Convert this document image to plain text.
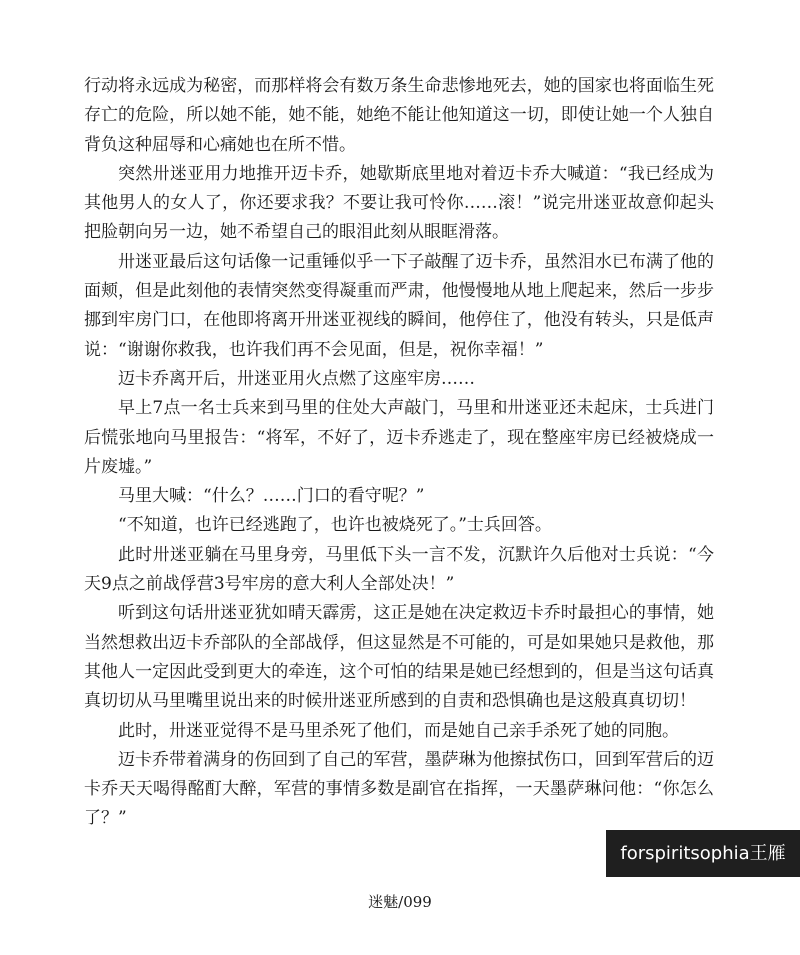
行动将永远成为秘密，而那样将会有数万条生命悲惨地死去，她的国家也将面临生死存亡的危险，所以她不能，她不能，她绝不能让他知道这一切，即使让她一个人独自背负这种屈辱和心痛她也在所不惜。

突然卅迷亚用力地推开迈卡乔，她歇斯底里地对着迈卡乔大喊道：“我已经成为其他男人的女人了，你还要求我？不要让我可怜你……滚！”说完卅迷亚故意仰起头把脸朝向另一边，她不希望自己的眼泪此刻从眼眶滑落。

卅迷亚最后这句话像一记重锤似乎一下子敲醒了迈卡乔，虽然泪水已布满了他的面颊，但是此刻他的表情突然变得凝重而严肃，他慢慢地从地上爬起来，然后一步步挪到牢房门口，在他即将离开卅迷亚视线的瞬间，他停住了，他没有转头，只是低声说：“谢谢你救我，也许我们再不会见面，但是，祝你幸福！”

迈卡乔离开后，卅迷亚用火点燃了这座牢房……

早上7点一名士兵来到马里的住处大声敲门，马里和卅迷亚还未起床，士兵进门后慌张地向马里报告：“将军，不好了，迈卡乔逃走了，现在整座牢房已经被烧成一片废墟。”

马里大喊：“什么？……门口的看守呢？”

“不知道，也许已经逃跑了，也许也被烧死了。”士兵回答。

此时卅迷亚躺在马里身旁，马里低下头一言不发，沉默许久后他对士兵说：“今天9点之前战俘营3号牢房的意大利人全部处决！”

听到这句话卅迷亚犹如晴天霹雳，这正是她在决定救迈卡乔时最担心的事情，她当然想救出迈卡乔部队的全部战俘，但这显然是不可能的，可是如果她只是救他，那其他人一定因此受到更大的牵连，这个可怕的结果是她已经想到的，但是当这句话真真切切从马里嘴里说出来的时候卅迷亚所感到的自责和恐惧确也是这般真真切切！

此时，卅迷亚觉得不是马里杀死了他们，而是她自己亲手杀死了她的同胞。

迈卡乔带着满身的伤回到了自己的军营，墨萨琳为他擦拭伤口，回到军营后的迈卡乔天天喝得酩酊大醉，军营的事情多数是副官在指挥，一天墨萨琳问他：“你怎么了？”

forspiritsophia王雁
迷魅/099
